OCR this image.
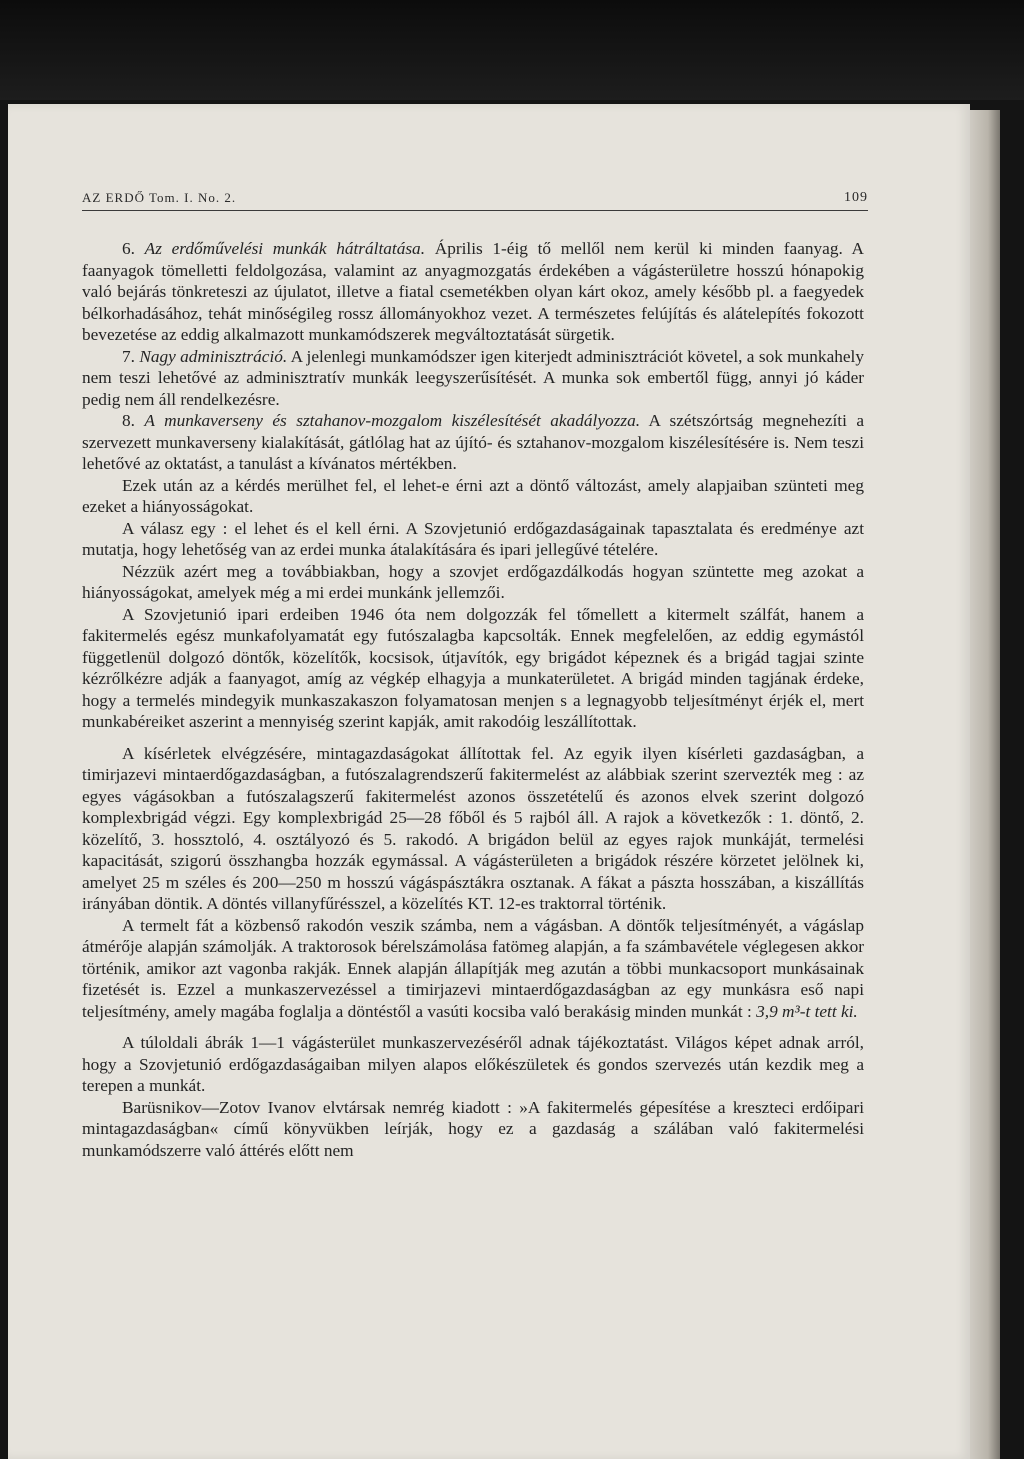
AZ ERDŐ Tom. I. No. 2.	109

6. Az erdőművelési munkák hátráltatása. Április 1-éig tő mellől nem kerül ki minden faanyag. A faanyagok tömelletti feldolgozása, valamint az anyagmozgatás érdekében a vágásterületre hosszú hónapokig való bejárás tönkreteszi az újulatot, illetve a fiatal csemetékben olyan kárt okoz, amely később pl. a faegyedek bélkorhadásához, tehát minőségileg rossz állományokhoz vezet. A természetes felújítás és alátelepítés fokozott bevezetése az eddig alkalmazott munkamódszerek megváltoztatását sürgetik.

7. Nagy adminisztráció. A jelenlegi munkamódszer igen kiterjedt adminisztrációt követel, a sok munkahely nem teszi lehetővé az adminisztratív munkák leegyszerűsítését. A munka sok embertől függ, annyi jó káder pedig nem áll rendelkezésre.

8. A munkaverseny és sztahanov-mozgalom kiszélesítését akadályozza. A szétszórtság megnehezíti a szervezett munkaverseny kialakítását, gátlólag hat az újító- és sztahanov-mozgalom kiszélesítésére is. Nem teszi lehetővé az oktatást, a tanulást a kívánatos mértékben.

Ezek után az a kérdés merülhet fel, el lehet-e érni azt a döntő változást, amely alapjaiban szünteti meg ezeket a hiányosságokat.

A válasz egy : el lehet és el kell érni. A Szovjetunió erdőgazdaságainak tapasztalata és eredménye azt mutatja, hogy lehetőség van az erdei munka átalakítására és ipari jellegűvé tételére.

Nézzük azért meg a továbbiakban, hogy a szovjet erdőgazdálkodás hogyan szüntette meg azokat a hiányosságokat, amelyek még a mi erdei munkánk jellemzői.

A Szovjetunió ipari erdeiben 1946 óta nem dolgozzák fel tőmellett a kitermelt szálfát, hanem a fakitermelés egész munkafolyamatát egy futószalagba kapcsolták. Ennek megfelelően, az eddig egymástól függetlenül dolgozó döntők, közelítők, kocsisok, útjavítók, egy brigádot képeznek és a brigád tagjai szinte kézrőlkézre adják a faanyagot, amíg az végkép elhagyja a munkaterületet. A brigád minden tagjának érdeke, hogy a termelés mindegyik munkaszakaszon folyamatosan menjen s a legnagyobb teljesítményt érjék el, mert munkabéreiket aszerint a mennyiség szerint kapják, amit rakodóig leszállítottak.

A kísérletek elvégzésére, mintagazdaságokat állítottak fel. Az egyik ilyen kísérleti gazdaságban, a timirjazevi mintaerdőgazdaságban, a futószalagrendszerű fakitermelést az alábbiak szerint szervezték meg : az egyes vágásokban a futószalagszerű fakitermelést azonos összetételű és azonos elvek szerint dolgozó komplexbrigád végzi. Egy komplexbrigád 25—28 főből és 5 rajból áll. A rajok a következők : 1. döntő, 2. közelítő, 3. hossztoló, 4. osztályozó és 5. rakodó. A brigádon belül az egyes rajok munkáját, termelési kapacitását, szigorú összhangba hozzák egymással. A vágásterületen a brigádok részére körzetet jelölnek ki, amelyet 25 m széles és 200—250 m hosszú vágáspásztákra osztanak. A fákat a pászta hosszában, a kiszállítás irányában döntik. A döntés villanyfűrésszel, a közelítés KT. 12-es traktorral történik.

A termelt fát a közbenső rakodón veszik számba, nem a vágásban. A döntők teljesítményét, a vágáslap átmérője alapján számolják. A traktorosok bérelszámolása fatömeg alapján, a fa számbavétele véglegesen akkor történik, amikor azt vagonba rakják. Ennek alapján állapítják meg azután a többi munkacsoport munkásainak fizetését is. Ezzel a munkaszervezéssel a timirjazevi mintaerdőgazdaságban az egy munkásra eső napi teljesítmény, amely magába foglalja a döntéstől a vasúti kocsiba való berakásig minden munkát : 3,9 m³-t tett ki.

A túloldali ábrák 1—1 vágásterület munkaszervezéséről adnak tájékoztatást. Világos képet adnak arról, hogy a Szovjetunió erdőgazdaságaiban milyen alapos előkészületek és gondos szervezés után kezdik meg a terepen a munkát.

Barüsnikov—Zotov Ivanov elvtársak nemrég kiadott : »A fakitermelés gépesítése a kreszteci erdőipari mintagazdaságban« című könyvükben leírják, hogy ez a gazdaság a szálában való fakitermelési munkamódszerre való áttérés előtt nem
